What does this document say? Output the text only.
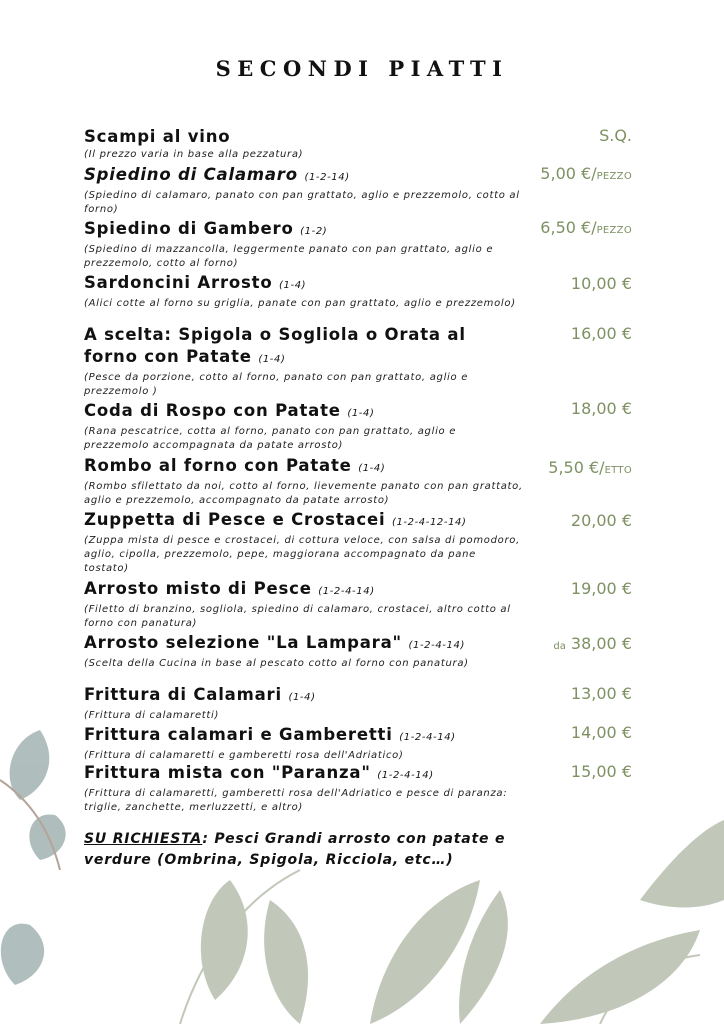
SECONDI PIATTI
Scampi al vino
(Il prezzo varia in base alla pezzatura)
S.Q.
Spiedino di Calamaro (1-2-14)
(Spiedino di calamaro, panato con pan grattato, aglio e prezzemolo, cotto al forno)
5,00 €/PEZZO
Spiedino di Gambero (1-2)
(Spiedino di mazzancolla, leggermente panato con pan grattato, aglio e prezzemolo, cotto al forno)
6,50 €/PEZZO
Sardoncini Arrosto (1-4)
(Alici cotte al forno su griglia, panate con pan grattato, aglio e prezzemolo)
10,00 €
A scelta: Spigola o Sogliola o Orata al forno con Patate (1-4)
(Pesce da porzione, cotto al forno, panato con pan grattato, aglio e prezzemolo )
16,00 €
Coda di Rospo con Patate (1-4)
(Rana pescatrice, cotta al forno, panato con pan grattato, aglio e prezzemolo accompagnata da patate arrosto)
18,00 €
Rombo al forno con Patate (1-4)
(Rombo sfilettato da noi, cotto al forno, lievemente panato con pan grattato, aglio e prezzemolo, accompagnato da patate arrosto)
5,50 €/ETTO
Zuppetta di Pesce e Crostacei (1-2-4-12-14)
(Zuppa mista di pesce e crostacei, di cottura veloce, con salsa di pomodoro, aglio, cipolla, prezzemolo, pepe, maggiorana accompagnato da pane tostato)
20,00 €
Arrosto misto di Pesce (1-2-4-14)
(Filetto di branzino, sogliola, spiedino di calamaro, crostacei, altro cotto al forno con panatura)
19,00 €
Arrosto selezione "La Lampara" (1-2-4-14)
(Scelta della Cucina in base al pescato cotto al forno con panatura)
da 38,00 €
Frittura di Calamari (1-4)
(Frittura di calamaretti)
13,00 €
Frittura calamari e Gamberetti (1-2-4-14)
(Frittura di calamaretti e gamberetti rosa dell'Adriatico)
14,00 €
Frittura mista con "Paranza" (1-2-4-14)
(Frittura di calamaretti, gamberetti rosa dell'Adriatico e pesce di paranza: triglie, zanchette, merluzzetti, e altro)
15,00 €
SU RICHIESTA: Pesci Grandi arrosto con patate e verdure (Ombrina, Spigola, Ricciola, etc…)
